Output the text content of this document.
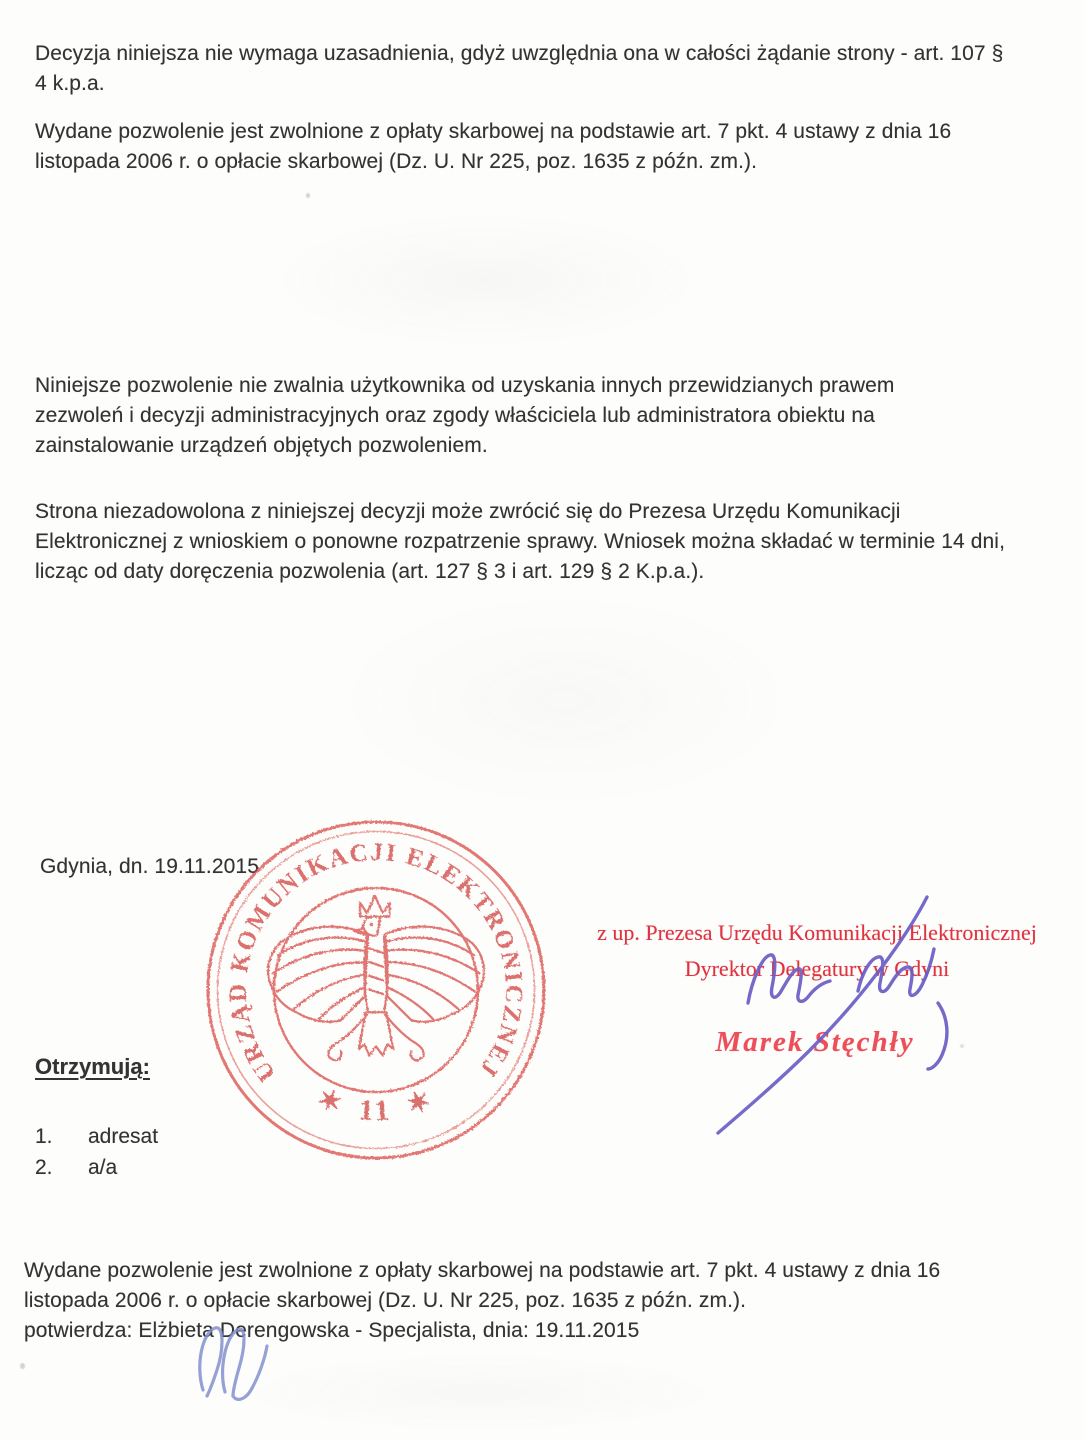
Decyzja niniejsza nie wymaga uzasadnienia, gdyż uwzględnia ona w całości żądanie strony - art. 107 § 4 k.p.a.
Wydane pozwolenie jest zwolnione z opłaty skarbowej na podstawie art. 7 pkt. 4 ustawy z dnia 16 listopada 2006 r. o opłacie skarbowej (Dz. U. Nr 225, poz. 1635 z późn. zm.).
Niniejsze pozwolenie nie zwalnia użytkownika od uzyskania innych przewidzianych prawem zezwoleń i decyzji administracyjnych oraz zgody właściciela lub administratora obiektu na zainstalowanie urządzeń objętych pozwoleniem.
Strona niezadowolona z niniejszej decyzji może zwrócić się do Prezesa Urzędu Komunikacji Elektronicznej z wnioskiem o ponowne rozpatrzenie sprawy. Wniosek można składać w terminie 14 dni, licząc od daty doręczenia pozwolenia (art. 127 § 3 i art. 129 § 2 K.p.a.).
Gdynia, dn. 19.11.2015
URZĄD KOMUNIKACJI ELEKTRONICZNEJ
✶ 11 ✶
z up. Prezesa Urzędu Komunikacji Elektronicznej
Dyrektor Delegatury w Gdyni
Marek Stęchły
Otrzymują:
1. adresat
2. a/a
Wydane pozwolenie jest zwolnione z opłaty skarbowej na podstawie art. 7 pkt. 4 ustawy z dnia 16 listopada 2006 r. o opłacie skarbowej (Dz. U. Nr 225, poz. 1635 z późn. zm.).
potwierdza: Elżbieta Derengowska - Specjalista, dnia: 19.11.2015
